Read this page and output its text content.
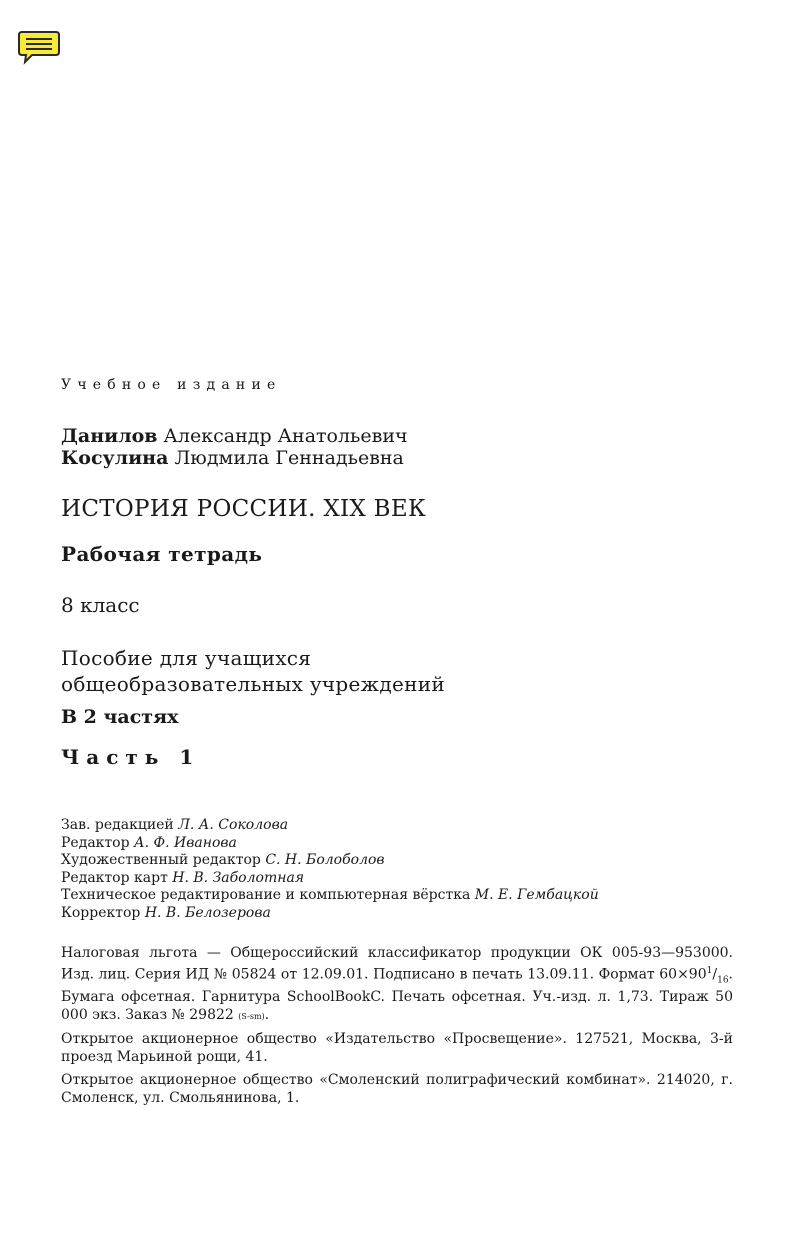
Учебное издание
Данилов Александр Анатольевич
Косулина Людмила Геннадьевна
ИСТОРИЯ РОССИИ. XIX ВЕК
Рабочая тетрадь
8 класс
Пособие для учащихся
общеобразовательных учреждений
В 2 частях
Часть 1
Зав. редакцией Л. А. Соколова
Редактор А. Ф. Иванова
Художественный редактор С. Н. Болоболов
Редактор карт Н. В. Заболотная
Техническое редактирование и компьютерная вёрстка М. Е. Гембацкой
Корректор Н. В. Белозерова

Налоговая льгота — Общероссийский классификатор продукции ОК 005-93—953000. Изд. лиц. Серия ИД № 05824 от 12.09.01. Подписано в печать 13.09.11. Формат $60\times 90^1/_{16}$. Бумага офсетная. Гарнитура SchoolBookC. Печать офсетная. Уч.-изд. л. 1,73. Тираж 50 000 экз. Заказ № 29822 (S-sm).

Открытое акционерное общество «Издательство «Просвещение». 127521, Москва, 3-й проезд Марьиной рощи, 41.

Открытое акционерное общество «Смоленский полиграфический комбинат». 214020, г. Смоленск, ул. Смольянинова, 1.
